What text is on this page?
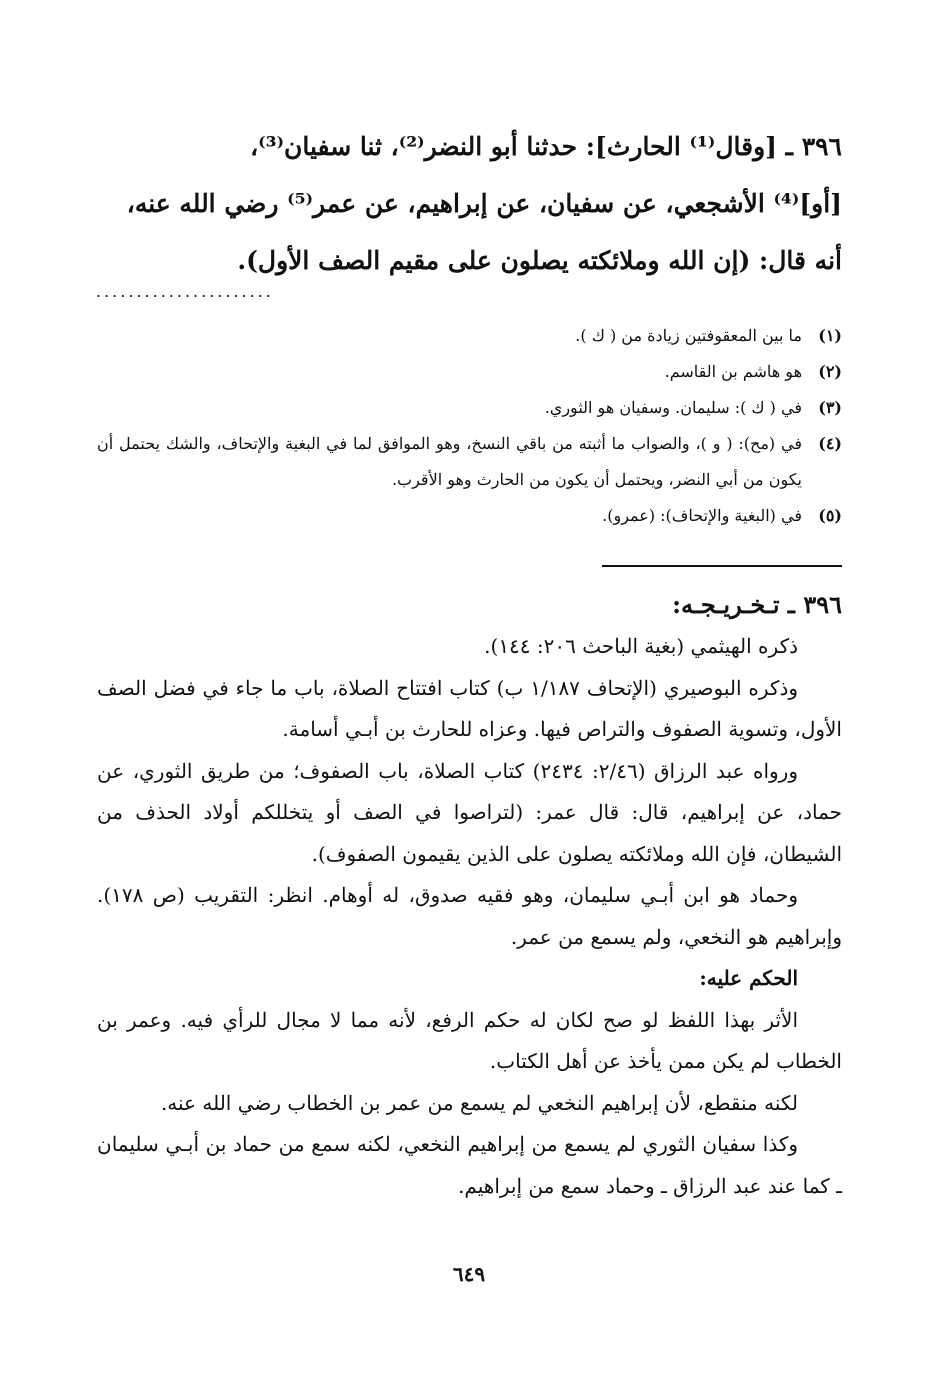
٣٩٦ ـ [وقال⁽¹⁾ الحارث]: حدثنا أبو النضر⁽²⁾، ثنا سفيان⁽³⁾،

[أو]⁽⁴⁾ الأشجعي، عن سفيان، عن إبراهيم، عن عمر⁽⁵⁾ رضي الله عنه،

أنه قال: (إن الله وملائكته يصلون على مقيم الصف الأول).

......................
(١)
ما بين المعقوفتين زيادة من ( ك ).
(٢)
هو هاشم بن القاسم.
(٣)
في ( ك ): سليمان. وسفيان هو الثوري.
(٤)
في (مح): ( و )، والصواب ما أثبته من باقي النسخ، وهو الموافق لما في البغية والإتحاف، والشك يحتمل أن يكون من أبي النضر، ويحتمل أن يكون من الحارث وهو الأقرب.
(٥)
في (البغية والإتحاف): (عمرو).
٣٩٦ ـ تـخـريـجـه:

ذكره الهيثمي (بغية الباحث ٢٠٦: ١٤٤).

وذكره البوصيري (الإتحاف ١/١٨٧ ب) كتاب افتتاح الصلاة، باب ما جاء في فضل الصف الأول، وتسوية الصفوف والتراص فيها. وعزاه للحارث بن أبـي أسامة.

ورواه عبد الرزاق (٢/٤٦: ٢٤٣٤) كتاب الصلاة، باب الصفوف؛ من طريق الثوري، عن حماد، عن إبراهيم، قال: قال عمر: (لتراصوا في الصف أو يتخللكم أولاد الحذف من الشيطان، فإن الله وملائكته يصلون على الذين يقيمون الصفوف).

وحماد هو ابن أبـي سليمان، وهو فقيه صدوق، له أوهام. انظر: التقريب (ص ١٧٨). وإبراهيم هو النخعي، ولم يسمع من عمر.

الحكم عليه:

الأثر بهذا اللفظ لو صح لكان له حكم الرفع، لأنه مما لا مجال للرأي فيه. وعمر بن الخطاب لم يكن ممن يأخذ عن أهل الكتاب.

لكنه منقطع، لأن إبراهيم النخعي لم يسمع من عمر بن الخطاب رضي الله عنه.

وكذا سفيان الثوري لم يسمع من إبراهيم النخعي، لكنه سمع من حماد بن أبـي سليمان ـ كما عند عبد الرزاق ـ وحماد سمع من إبراهيم.

٦٤٩
